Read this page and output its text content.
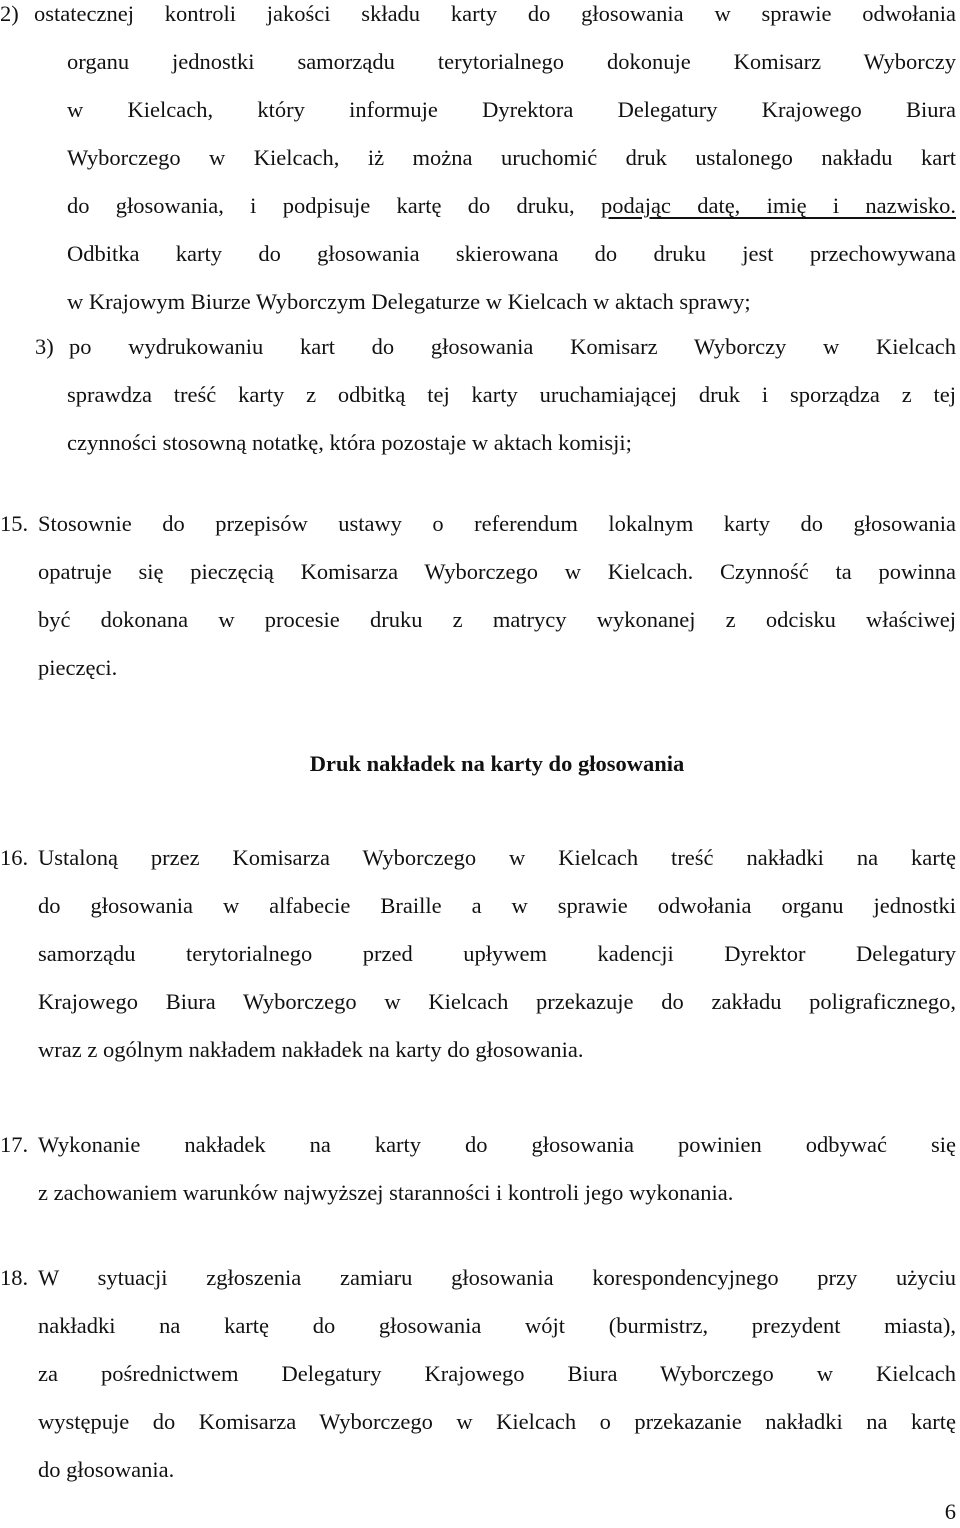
2) ostatecznej kontroli jakości składu karty do głosowania w sprawie odwołania
organu jednostki samorządu terytorialnego dokonuje Komisarz Wyborczy
w Kielcach, który informuje Dyrektora Delegatury Krajowego Biura
Wyborczego w Kielcach, iż można uruchomić druk ustalonego nakładu kart
do głosowania, i podpisuje kartę do druku, podając datę, imię i nazwisko.
Odbitka karty do głosowania skierowana do druku jest przechowywana
w Krajowym Biurze Wyborczym Delegaturze w Kielcach w aktach sprawy;
3) po wydrukowaniu kart do głosowania Komisarz Wyborczy w Kielcach
sprawdza treść karty z odbitką tej karty uruchamiającej druk i sporządza z tej
czynności stosowną notatkę, która pozostaje w aktach komisji;
15. Stosownie do przepisów ustawy o referendum lokalnym karty do głosowania
opatruje się pieczęcią Komisarza Wyborczego w Kielcach. Czynność ta powinna
być dokonana w procesie druku z matrycy wykonanej z odcisku właściwej
pieczęci.
Druk nakładek na karty do głosowania
16. Ustaloną przez Komisarza Wyborczego w Kielcach treść nakładki na kartę
do głosowania w alfabecie Braille a w sprawie odwołania organu jednostki
samorządu terytorialnego przed upływem kadencji Dyrektor Delegatury
Krajowego Biura Wyborczego w Kielcach przekazuje do zakładu poligraficznego,
wraz z ogólnym nakładem nakładek na karty do głosowania.
17. Wykonanie nakładek na karty do głosowania powinien odbywać się
z zachowaniem warunków najwyższej staranności i kontroli jego wykonania.
18. W sytuacji zgłoszenia zamiaru głosowania korespondencyjnego przy użyciu
nakładki na kartę do głosowania wójt (burmistrz, prezydent miasta),
za pośrednictwem Delegatury Krajowego Biura Wyborczego w Kielcach
występuje do Komisarza Wyborczego w Kielcach o przekazanie nakładki na kartę
do głosowania.
6
